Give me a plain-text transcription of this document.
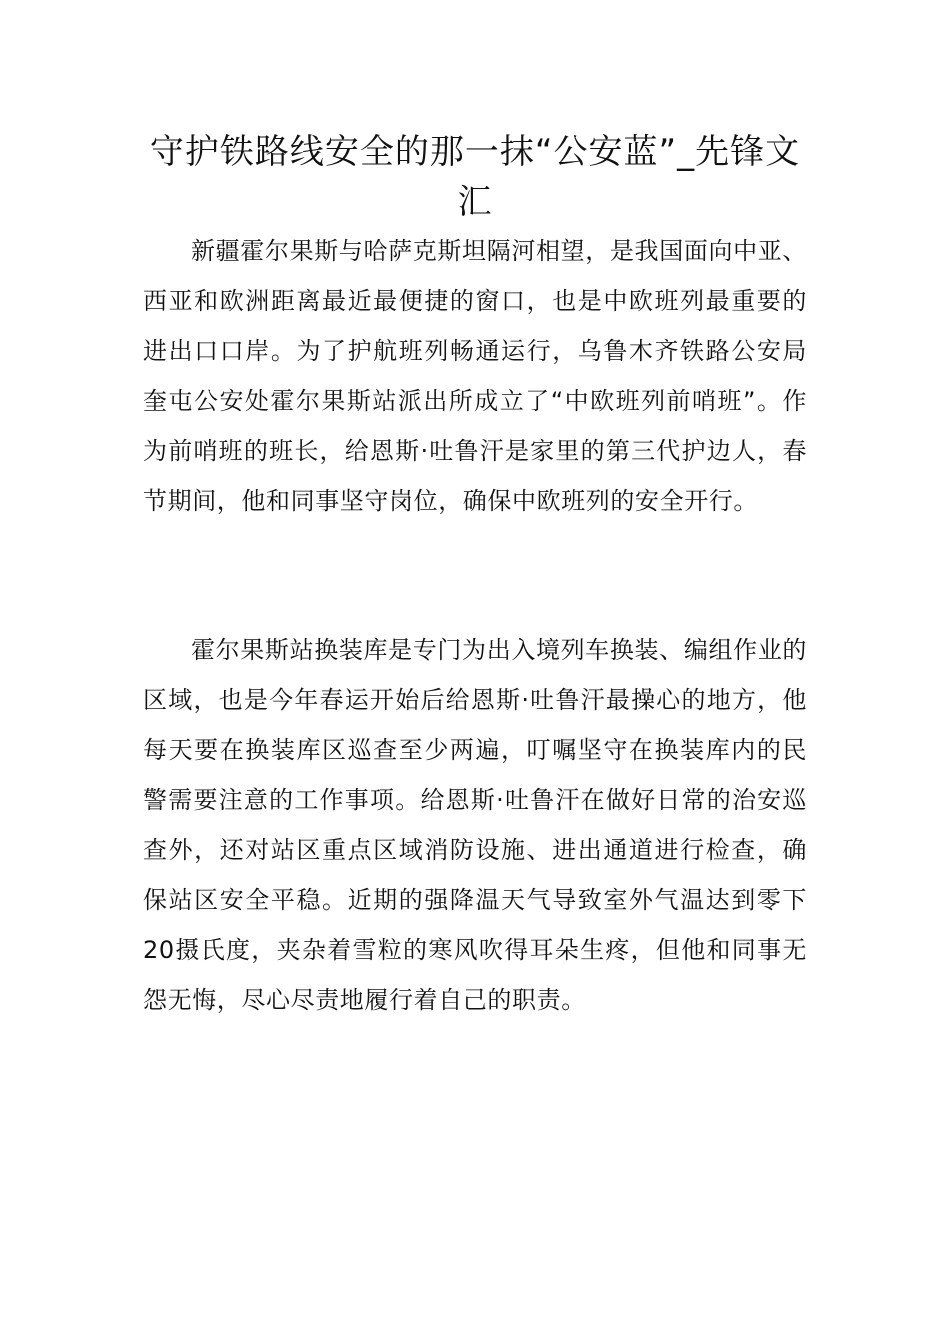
守护铁路线安全的那一抹“公安蓝”_先锋文汇

新疆霍尔果斯与哈萨克斯坦隔河相望，是我国面向中亚、西亚和欧洲距离最近最便捷的窗口，也是中欧班列最重要的进出口口岸。为了护航班列畅通运行，乌鲁木齐铁路公安局奎屯公安处霍尔果斯站派出所成立了“中欧班列前哨班”。作为前哨班的班长，给恩斯·吐鲁汗是家里的第三代护边人，春节期间，他和同事坚守岗位，确保中欧班列的安全开行。

霍尔果斯站换装库是专门为出入境列车换装、编组作业的区域，也是今年春运开始后给恩斯·吐鲁汗最操心的地方，他每天要在换装库区巡查至少两遍，叮嘱坚守在换装库内的民警需要注意的工作事项。给恩斯·吐鲁汗在做好日常的治安巡查外，还对站区重点区域消防设施、进出通道进行检查，确保站区安全平稳。近期的强降温天气导致室外气温达到零下20摄氏度，夹杂着雪粒的寒风吹得耳朵生疼，但他和同事无怨无悔，尽心尽责地履行着自己的职责。
